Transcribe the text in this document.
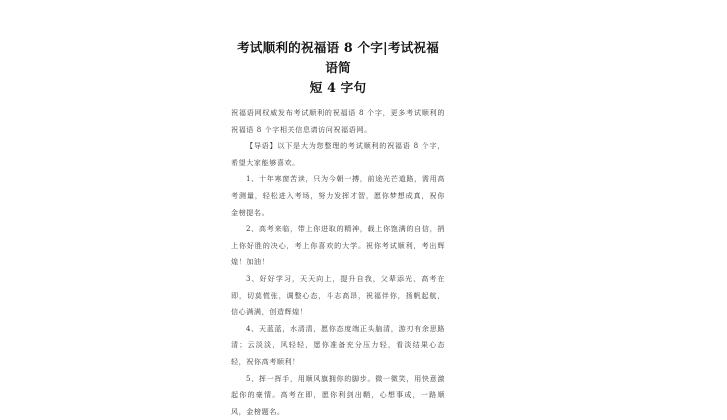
考试顺利的祝福语 8 个字|考试祝福语简
短 4 字句

祝福语网权威发布考试顺利的祝福语 8 个字，更多考试顺利的祝福语 8 个字相关信息请访问祝福语网。

【导语】以下是大为您整理的考试顺利的祝福语 8 个字，希望大家能够喜欢。

1、十年寒窗苦读，只为今朝一搏，前途光芒道路，需用高考测量，轻松进入考场，努力发挥才智，愿你梦想成真，祝你金榜提名。

2、高考来临，带上你进取的精神，载上你饱满的自信，捎上你好胜的决心，考上你喜欢的大学。祝你考试顺利，考出辉煌！加油！

3、好好学习，天天向上，提升自我，父辈添光，高考在即，切莫慌张，调整心态，斗志高昂，祝福伴你，扬帆起航，信心满满，创造辉煌！

4、天蓝蓝，水清清，愿你态度端正头脑清，游刃有余思路清；云淡淡，风轻轻，愿你准备充分压力轻，看淡结果心态轻，祝你高考顺利！

5、挥一挥手，用顺风旗拥你的脚步。微一微笑，用快意激起你的豪情。高考在即，愿你利剑出鞘，心想事成，一路顺风，金榜题名。
